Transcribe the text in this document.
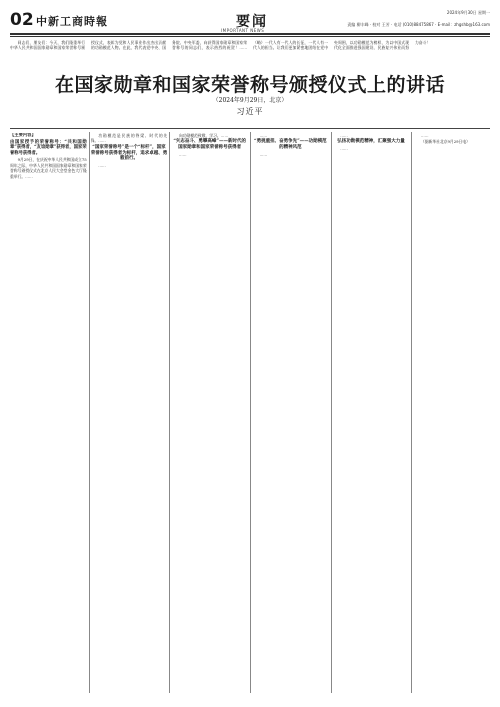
02 中新工商時報	要闻
IMPORTANT NEWS
2024年9月30日 星期一
责编 柳丰峰 · 校对 王芳 · 电话 (010)88475867 · E-mail：zhgshb@163.com

同志们，朋友们：今天，我们隆重举行中华人民共和国国家勋章和国家荣誉称号颁授仪式，表彰为党和人民事业作出杰出贡献的功勋模范人物。在此，我代表党中央、国务院、中央军委，向获得国家勋章和国家荣誉称号的同志们，表示热烈的祝贺！……（略）一代人有一代人的长征，一代人有一代人的担当。让我们更加紧密地团结在党中央周围，以功勋模范为榜样，为以中国式现代化全面推进强国建设、民族复兴伟业而努力奋斗！

在国家勋章和国家荣誉称号颁授仪式上的讲话
（2024年9月29日，北京）
习近平

【主要内容】

由国家授予的荣誉称号：“共和国勋章”获得者，“友谊勋章”获得者，国家荣誉称号获得者。

9月29日，在庆祝中华人民共和国成立75周年之际，中华人民共和国国家勋章和国家荣誉称号颁授仪式在北京人民大会堂金色大厅隆重举行。……

功勋模范是民族的脊梁、时代的先锋。……

“国家荣誉称号”是一个“标杆”，国家荣誉称号获得者为标杆，追求卓越、勇毅前行。

……

向功勋模范致敬、学习。……

“矢志奋斗、勇攀高峰”——新时代的国家勋章和国家荣誉称号获得者

……

……

“勇挑重担、奋勇争先”——功勋模范的精神风范

……

……

弘扬功勋模范精神，汇聚强大力量

……

……

（据新华社北京9月29日电）
